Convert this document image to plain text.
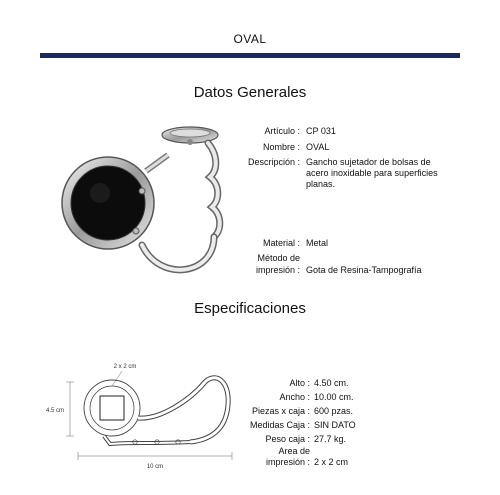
OVAL
Datos Generales
Artículo : CP 031
Nombre : OVAL
Descripción : Gancho sujetador de bolsas de
acero inoxidable para superficies
planas.
Material : Metal
Método de
impresión : Gota de Resina-Tampografía
Especificaciones
2 x 2 cm
4.5 cm
10 cm
Alto : 4.50 cm.
Ancho : 10.00 cm.
Piezas x caja : 600 pzas.
Medidas Caja : SIN DATO
Peso caja : 27.7 kg.
Area de
impresión : 2 x 2 cm
